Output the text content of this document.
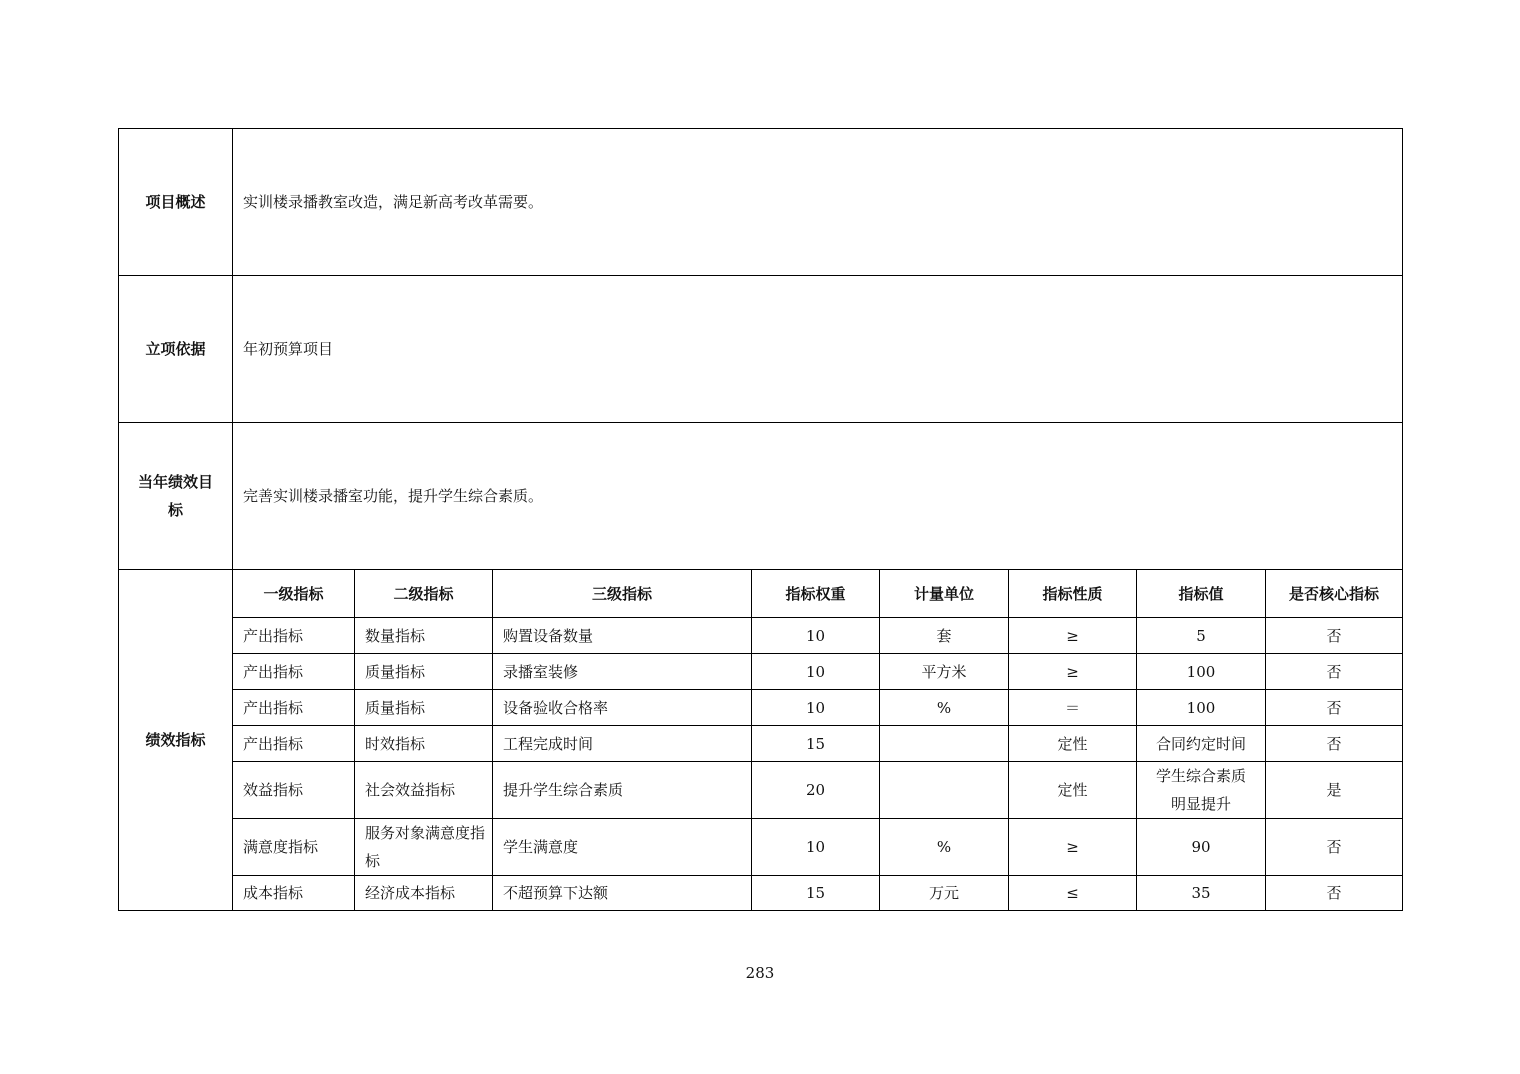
项目概述	实训楼录播教室改造，满足新高考改革需要。							
立项依据	年初预算项目							
当年绩效目标	完善实训楼录播室功能，提升学生综合素质。							
绩效指标	一级指标	二级指标	三级指标	指标权重	计量单位	指标性质	指标值	是否核心指标
	产出指标	数量指标	购置设备数量	10	套	≥	5	否
	产出指标	质量指标	录播室装修	10	平方米	≥	100	否
	产出指标	质量指标	设备验收合格率	10	%	＝	100	否
	产出指标	时效指标	工程完成时间	15		定性	合同约定时间	否
	效益指标	社会效益指标	提升学生综合素质	20		定性	学生综合素质明显提升	是
	满意度指标	服务对象满意度指标	学生满意度	10	%	≥	90	否
	成本指标	经济成本指标	不超预算下达额	15	万元	≤	35	否
283
